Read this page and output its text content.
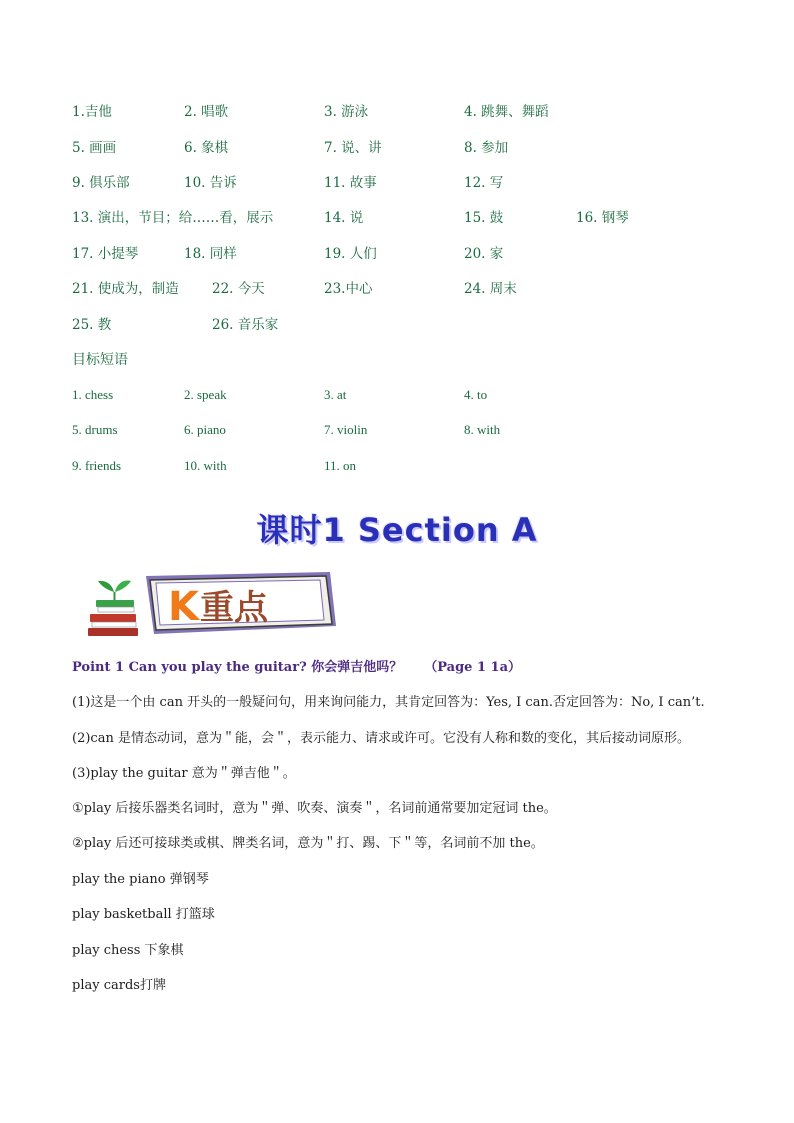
1.吉他	2. 唱歌	3. 游泳	4. 跳舞、舞蹈
5. 画画	6. 象棋	7. 说、讲	8. 参加
9. 俱乐部	10. 告诉	11. 故事	12. 写
13. 演出，节目；给……看，展示	14. 说	15. 鼓	16. 钢琴
17. 小提琴	18. 同样	19. 人们	20. 家
21. 使成为，制造 22. 今天	23.中心	24. 周末
25. 教	26. 音乐家
目标短语
1. chess	2. speak	3. at	4. to
5. drums	6. piano	7. violin	8. with
9. friends	10. with	11. on
课时1 Section A
K 重点
Point 1 Can you play the guitar? 你会弹吉他吗？ （Page 1 1a）
(1)这是一个由 can 开头的一般疑问句，用来询问能力，其肯定回答为：Yes, I can.否定回答为：No, I can’t.
(2)can 是情态动词，意为＂能，会＂，表示能力、请求或许可。它没有人称和数的变化，其后接动词原形。
(3)play the guitar 意为＂弹吉他＂。
①play 后接乐器类名词时，意为＂弹、吹奏、演奏＂，名词前通常要加定冠词 the。
②play 后还可接球类或棋、牌类名词，意为＂打、踢、下＂等，名词前不加 the。
play the piano 弹钢琴
play basketball 打篮球
play chess 下象棋
play cards打牌
